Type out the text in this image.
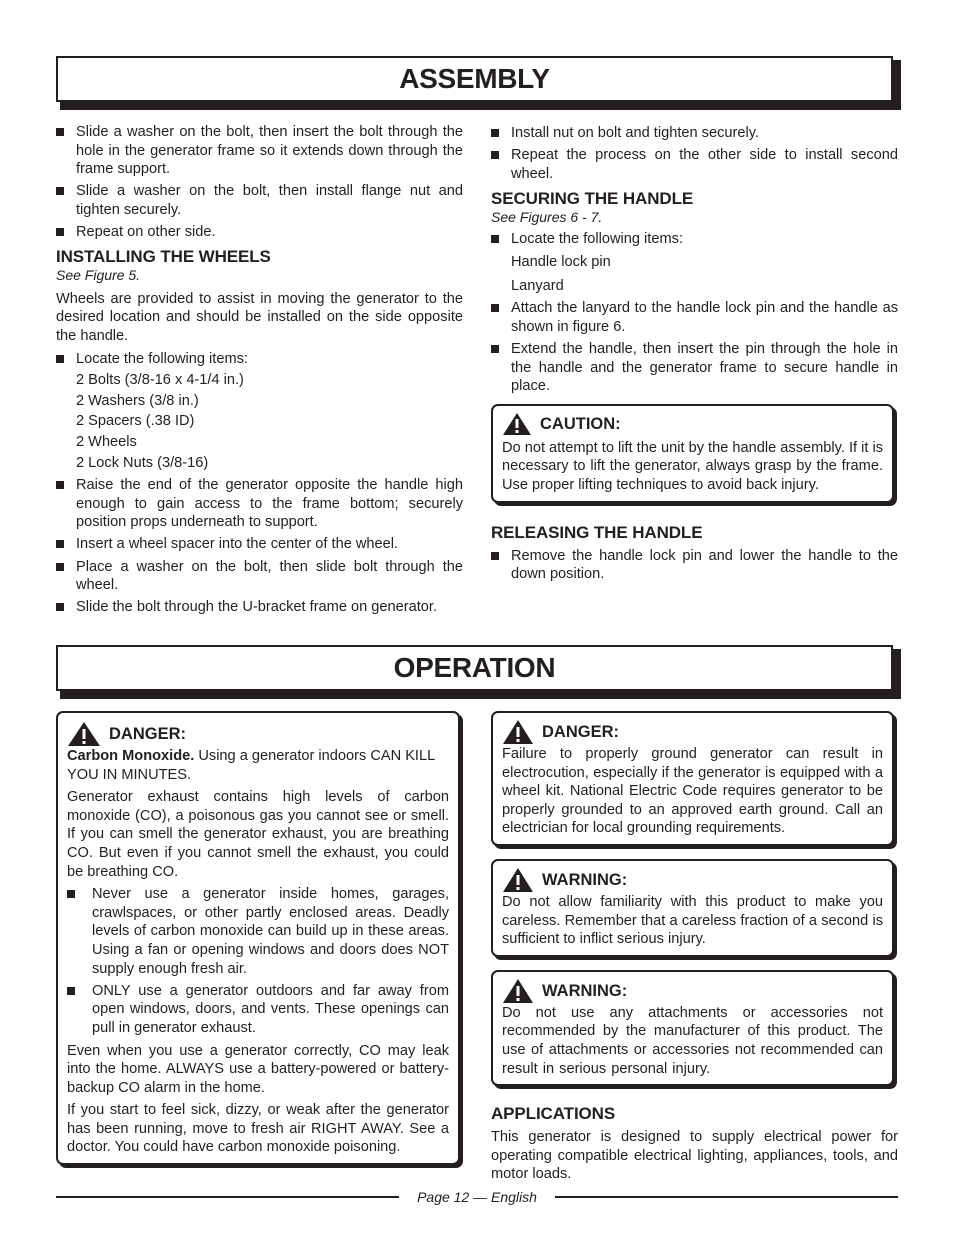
ASSEMBLY
Slide a washer on the bolt, then insert the bolt through the hole in the generator frame so it extends down through the frame support.
Slide a washer on the bolt, then install flange nut and tighten securely.
Repeat on other side.
INSTALLING THE WHEELS
See Figure 5.

Wheels are provided to assist in moving the generator to the desired location and should be installed on the side opposite the handle.

Locate the following items:
2 Bolts (3/8-16 x 4-1/4 in.)
2 Washers (3/8 in.)
2 Spacers (.38 ID)
2 Wheels
2 Lock Nuts (3/8-16)
Raise the end of the generator opposite the handle high enough to gain access to the frame bottom; securely position props underneath to support.
Insert a wheel spacer into the center of the wheel.
Place a washer on the bolt, then slide bolt through the wheel.
Slide the bolt through the U-bracket frame on generator.
Install nut on bolt and tighten securely.
Repeat the process on the other side to install second wheel.
SECURING THE HANDLE
See Figures 6 - 7.
Locate the following items:
Handle lock pin
Lanyard
Attach the lanyard to the handle lock pin and the handle as shown in figure 6.
Extend the handle, then insert the pin through the hole in the handle and the generator frame to secure handle in place.
CAUTION:

Do not attempt to lift the unit by the handle assembly. If it is necessary to lift the generator, always grasp by the frame. Use proper lifting techniques to avoid back injury.

RELEASING THE HANDLE
Remove the handle lock pin and lower the handle to the down position.
OPERATION
DANGER:

Carbon Monoxide. Using a generator indoors CAN KILL YOU IN MINUTES.

Generator exhaust contains high levels of carbon monoxide (CO), a poisonous gas you cannot see or smell. If you can smell the generator exhaust, you are breathing CO. But even if you cannot smell the exhaust, you could be breathing CO.

Never use a generator inside homes, garages, crawlspaces, or other partly enclosed areas. Deadly levels of carbon monoxide can build up in these areas. Using a fan or opening windows and doors does NOT supply enough fresh air.
ONLY use a generator outdoors and far away from open windows, doors, and vents. These openings can pull in generator exhaust.

Even when you use a generator correctly, CO may leak into the home. ALWAYS use a battery-powered or battery-backup CO alarm in the home.

If you start to feel sick, dizzy, or weak after the generator has been running, move to fresh air RIGHT AWAY. See a doctor. You could have carbon monoxide poisoning.

DANGER:

Failure to properly ground generator can result in electrocution, especially if the generator is equipped with a wheel kit. National Electric Code requires generator to be properly grounded to an approved earth ground. Call an electrician for local grounding requirements.

WARNING:

Do not allow familiarity with this product to make you careless. Remember that a careless fraction of a second is sufficient to inflict serious injury.

WARNING:

Do not use any attachments or accessories not recommended by the manufacturer of this product. The use of attachments or accessories not recommended can result in serious personal injury.

APPLICATIONS

This generator is designed to supply electrical power for operating compatible electrical lighting, appliances, tools, and motor loads.

Page 12 — English
